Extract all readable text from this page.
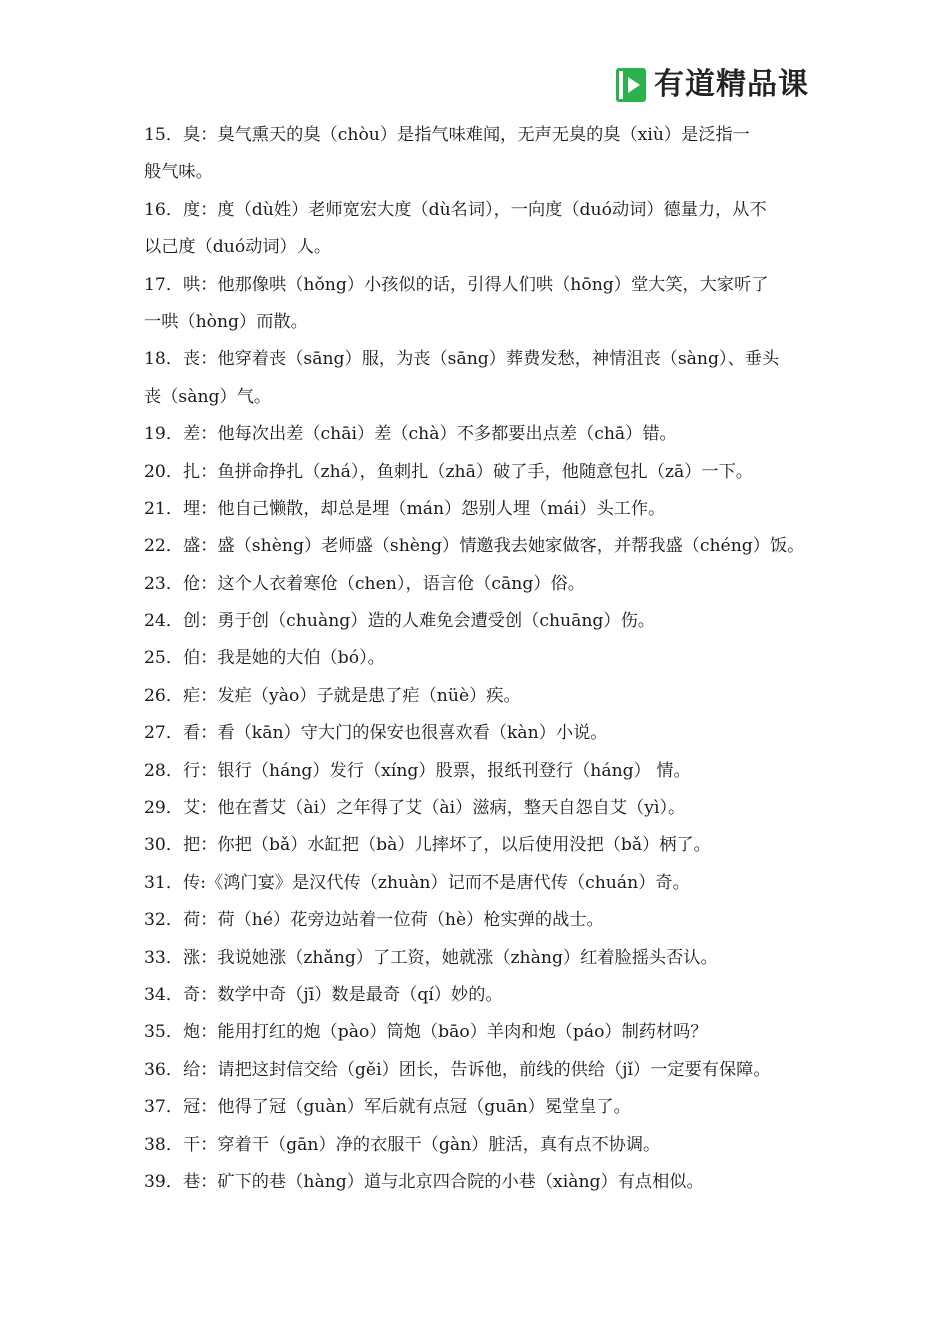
有道精品课
15．臭：臭气熏天的臭（chòu）是指气味难闻，无声无臭的臭（xiù）是泛指一
般气味。
16．度：度（dù姓）老师宽宏大度（dù名词），一向度（duó动词）德量力，从不
以己度（duó动词）人。
17．哄：他那像哄（hǒng）小孩似的话，引得人们哄（hōng）堂大笑，大家听了
一哄（hòng）而散。
18．丧：他穿着丧（sāng）服，为丧（sāng）葬费发愁，神情沮丧（sàng）、垂头
丧（sàng）气。
19．差：他每次出差（chāi）差（chà）不多都要出点差（chā）错。
20．扎：鱼拼命挣扎（zhá），鱼刺扎（zhā）破了手，他随意包扎（zā）一下。
21．埋：他自己懒散，却总是埋（mán）怨别人埋（mái）头工作。
22．盛：盛（shèng）老师盛（shèng）情邀我去她家做客，并帮我盛（chéng）饭。
23．伧：这个人衣着寒伧（chen），语言伧（cāng）俗。
24．创：勇于创（chuàng）造的人难免会遭受创（chuāng）伤。
25．伯：我是她的大伯（bó）。
26．疟：发疟（yào）子就是患了疟（nüè）疾。
27．看：看（kān）守大门的保安也很喜欢看（kàn）小说。
28．行：银行（háng）发行（xíng）股票，报纸刊登行（háng） 情。
29．艾：他在耆艾（ài）之年得了艾（ài）滋病，整天自怨自艾（yì）。
30．把：你把（bǎ）水缸把（bà）儿摔坏了，以后使用没把（bǎ）柄了。
31．传:《鸿门宴》是汉代传（zhuàn）记而不是唐代传（chuán）奇。
32．荷：荷（hé）花旁边站着一位荷（hè）枪实弹的战士。
33．涨：我说她涨（zhǎng）了工资，她就涨（zhàng）红着脸摇头否认。
34．奇：数学中奇（jī）数是最奇（qí）妙的。
35．炮：能用打红的炮（pào）筒炮（bāo）羊肉和炮（páo）制药材吗？
36．给：请把这封信交给（gěi）团长，告诉他，前线的供给（jǐ）一定要有保障。
37．冠：他得了冠（guàn）军后就有点冠（guān）冕堂皇了。
38．干：穿着干（gān）净的衣服干（gàn）脏活，真有点不协调。
39．巷：矿下的巷（hàng）道与北京四合院的小巷（xiàng）有点相似。
